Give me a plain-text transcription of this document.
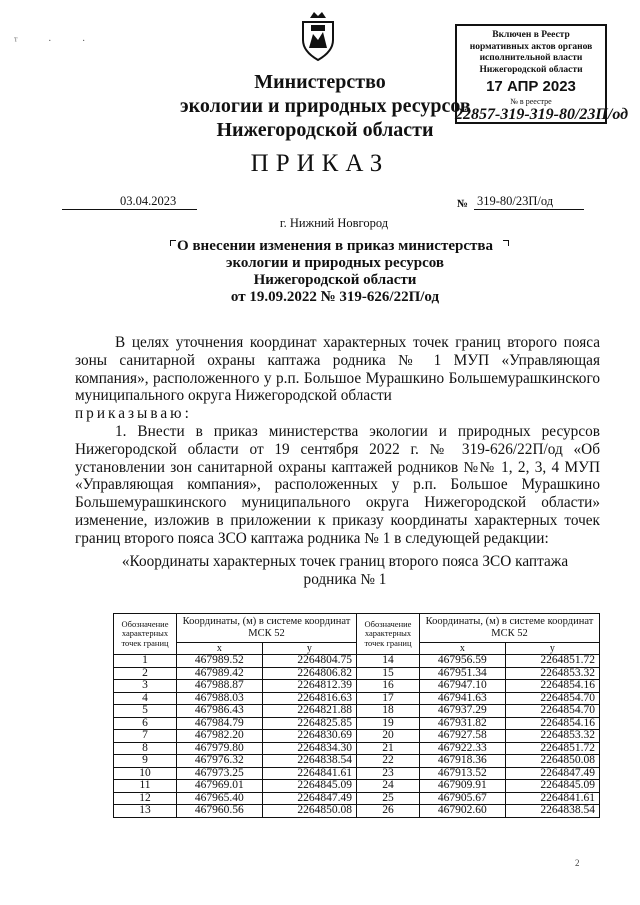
ᵀ · ·
Министерство
экологии и природных ресурсов
Нижегородской области
Включен в Реестр
нормативных актов органов
исполнительной власти
Нижегородской области
17 АПР 2023
№ в реестре
22857-319-319-80/23П/од
ПРИКАЗ
03.04.2023	№ 319-80/23П/од
г. Нижний Новгород
О внесении изменения в приказ министерства
экологии и природных ресурсов
Нижегородской области
от 19.09.2022 № 319-626/22П/од
В целях уточнения координат характерных точек границ второго пояса зоны санитарной охраны каптажа родника № 1 МУП «Управляющая компания», расположенного у р.п. Большое Мурашкино Большемурашкинского муниципального округа Нижегородской области
приказываю:
1. Внести в приказ министерства экологии и природных ресурсов Нижегородской области от 19 сентября 2022 г. № 319-626/22П/од «Об установлении зон санитарной охраны каптажей родников №№ 1, 2, 3, 4 МУП «Управляющая компания», расположенных у р.п. Большое Мурашкино Большемурашкинского муниципального округа Нижегородской области» изменение, изложив в приложении к приказу координаты характерных точек границ второго пояса ЗСО каптажа родника № 1 в следующей редакции:
«Координаты характерных точек границ второго пояса ЗСО каптажа
родника № 1
Обозначение характерных точек границ	Координаты, (м) в системе координат МСК 52		Обозначение характерных точек границ	Координаты, (м) в системе координат МСК 52	
	x	y		x	y
1	467989.52	2264804.75	14	467956.59	2264851.72
2	467989.42	2264806.82	15	467951.34	2264853.32
3	467988.87	2264812.39	16	467947.10	2264854.16
4	467988.03	2264816.63	17	467941.63	2264854.70
5	467986.43	2264821.88	18	467937.29	2264854.70
6	467984.79	2264825.85	19	467931.82	2264854.16
7	467982.20	2264830.69	20	467927.58	2264853.32
8	467979.80	2264834.30	21	467922.33	2264851.72
9	467976.32	2264838.54	22	467918.36	2264850.08
10	467973.25	2264841.61	23	467913.52	2264847.49
11	467969.01	2264845.09	24	467909.91	2264845.09
12	467965.40	2264847.49	25	467905.67	2264841.61
13	467960.56	2264850.08	26	467902.60	2264838.54
2
